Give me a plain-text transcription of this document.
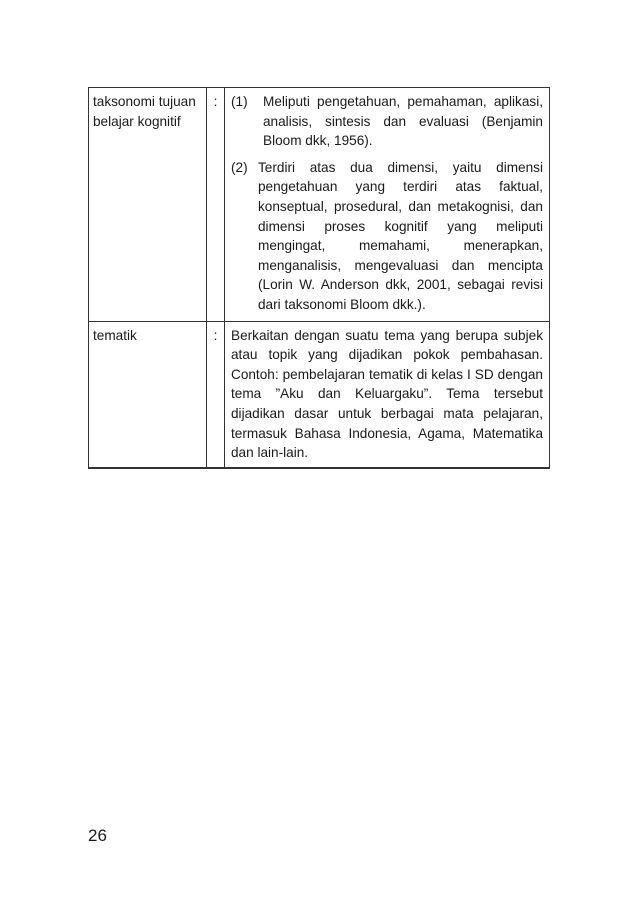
taksonomi tujuan belajar kognitif	:	(1) Meliputi pengetahuan, pemahaman, aplikasi, analisis, sintesis dan evaluasi (Benjamin Bloom dkk, 1956).
(2) Terdiri atas dua dimensi, yaitu dimensi pengetahuan yang terdiri atas faktual, konseptual, prosedural, dan metakognisi, dan dimensi proses kognitif yang meliputi mengingat, memahami, menerapkan, menganalisis, mengevaluasi dan mencipta (Lorin W. Anderson dkk, 2001, sebagai revisi dari taksonomi Bloom dkk.).

tematik	:	Berkaitan dengan suatu tema yang berupa subjek atau topik yang dijadikan pokok pembahasan. Contoh: pembelajaran tematik di kelas I SD dengan tema ”Aku dan Keluargaku”. Tema tersebut dijadikan dasar untuk berbagai mata pelajaran, termasuk Bahasa Indonesia, Agama, Matematika dan lain-lain.
26
